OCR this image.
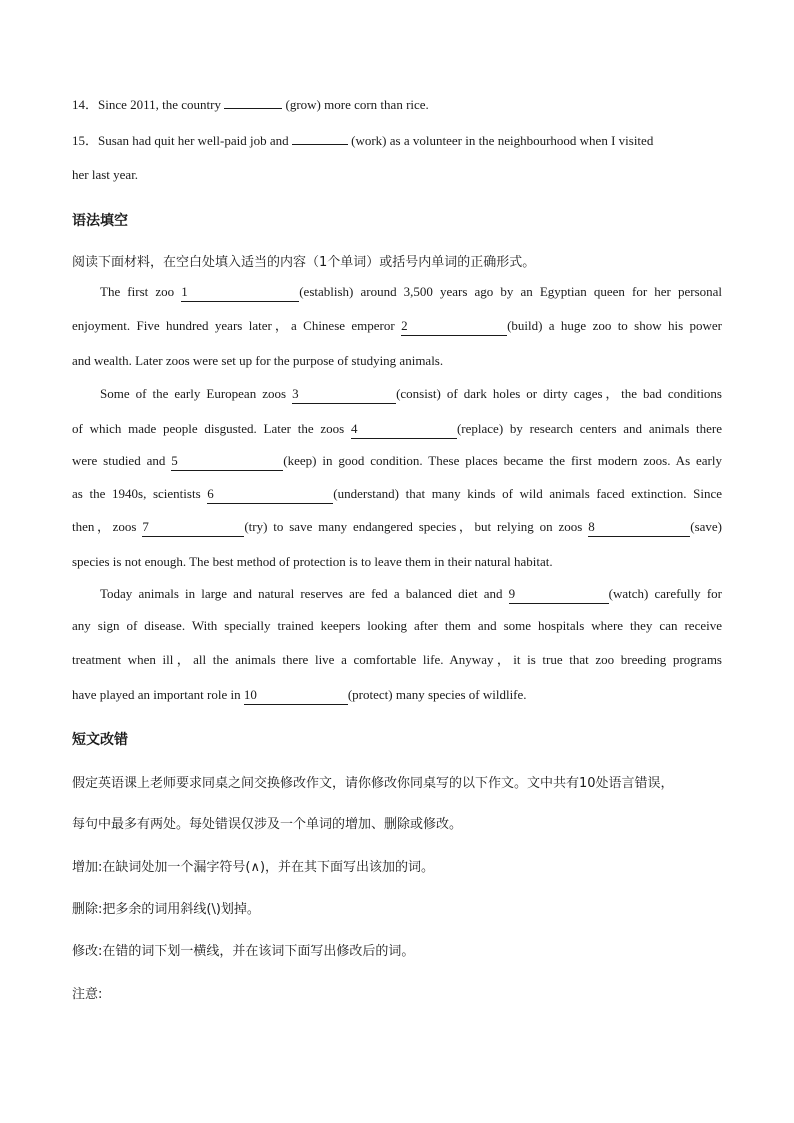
14．Since 2011, the country	(grow) more corn than rice.
15．Susan had quit her well-paid job and	(work) as a volunteer in the neighbourhood when I visited
her last year.
语法填空
阅读下面材料，在空白处填入适当的内容（1个单词）或括号内单词的正确形式。
The first zoo 1	(establish) around 3,500 years ago by an Egyptian queen for her personal
enjoyment. Five hundred years later，a Chinese emperor 2	(build) a huge zoo to show his power
and wealth. Later zoos were set up for the purpose of studying animals.
Some of the early European zoos 3	(consist) of dark holes or dirty cages，the bad conditions
of which made people disgusted. Later the zoos 4	(replace) by research centers and animals there
were studied and 5	(keep) in good condition. These places became the first modern zoos. As early
as the 1940s, scientists 6	(understand) that many kinds of wild animals faced extinction. Since
then，zoos 7	(try) to save many endangered species，but relying on zoos 8	(save)
species is not enough. The best method of protection is to leave them in their natural habitat.
Today animals in large and natural reserves are fed a balanced diet and 9	(watch) carefully for
any sign of disease. With specially trained keepers looking after them and some hospitals where they can receive
treatment when ill，all the animals there live a comfortable life. Anyway，it is true that zoo breeding programs
have played an important role in 10	(protect) many species of wildlife.
短文改错
假定英语课上老师要求同桌之间交换修改作文，请你修改你同桌写的以下作文。文中共有10处语言错误，
每句中最多有两处。每处错误仅涉及一个单词的增加、删除或修改。
增加:在缺词处加一个漏字符号(∧)，并在其下面写出该加的词。
删除:把多余的词用斜线(\)划掉。
修改:在错的词下划一横线，并在该词下面写出修改后的词。
注意:
